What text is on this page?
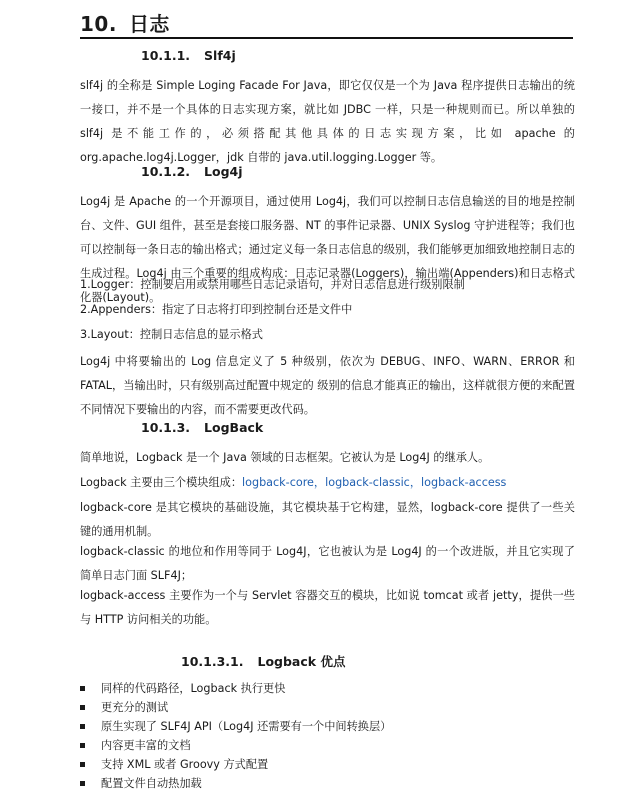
10. 日志
10.1.1. Slf4j
slf4j 的全称是 Simple Loging Facade For Java，即它仅仅是一个为 Java 程序提供日志输出的统一接口，并不是一个具体的日志实现方案，就比如 JDBC 一样，只是一种规则而已。所以单独的 slf4j 是不能工作的，必须搭配其他具体的日志实现方案，比如 apache 的 org.apache.log4j.Logger，jdk 自带的 java.util.logging.Logger 等。
10.1.2. Log4j
Log4j 是 Apache 的一个开源项目，通过使用 Log4j，我们可以控制日志信息输送的目的地是控制台、文件、GUI 组件，甚至是套接口服务器、NT 的事件记录器、UNIX Syslog 守护进程等；我们也可以控制每一条日志的输出格式；通过定义每一条日志信息的级别，我们能够更加细致地控制日志的生成过程。Log4j 由三个重要的组成构成：日志记录器(Loggers)，输出端(Appenders)和日志格式化器(Layout)。
1.Logger：控制要启用或禁用哪些日志记录语句，并对日志信息进行级别限制
2.Appenders：指定了日志将打印到控制台还是文件中
3.Layout：控制日志信息的显示格式
Log4j 中将要输出的 Log 信息定义了 5 种级别，依次为 DEBUG、INFO、WARN、ERROR 和 FATAL，当输出时，只有级别高过配置中规定的 级别的信息才能真正的输出，这样就很方便的来配置不同情况下要输出的内容，而不需要更改代码。
10.1.3. LogBack
简单地说，Logback 是一个 Java 领域的日志框架。它被认为是 Log4J 的继承人。
Logback 主要由三个模块组成：logback-core，logback-classic，logback-access
logback-core 是其它模块的基础设施，其它模块基于它构建，显然，logback-core 提供了一些关键的通用机制。
logback-classic 的地位和作用等同于 Log4J，它也被认为是 Log4J 的一个改进版，并且它实现了简单日志门面 SLF4J；
logback-access 主要作为一个与 Servlet 容器交互的模块，比如说 tomcat 或者 jetty，提供一些与 HTTP 访问相关的功能。
10.1.3.1. Logback 优点
同样的代码路径，Logback 执行更快
更充分的测试
原生实现了 SLF4J API（Log4J 还需要有一个中间转换层）
内容更丰富的文档
支持 XML 或者 Groovy 方式配置
配置文件自动热加载
